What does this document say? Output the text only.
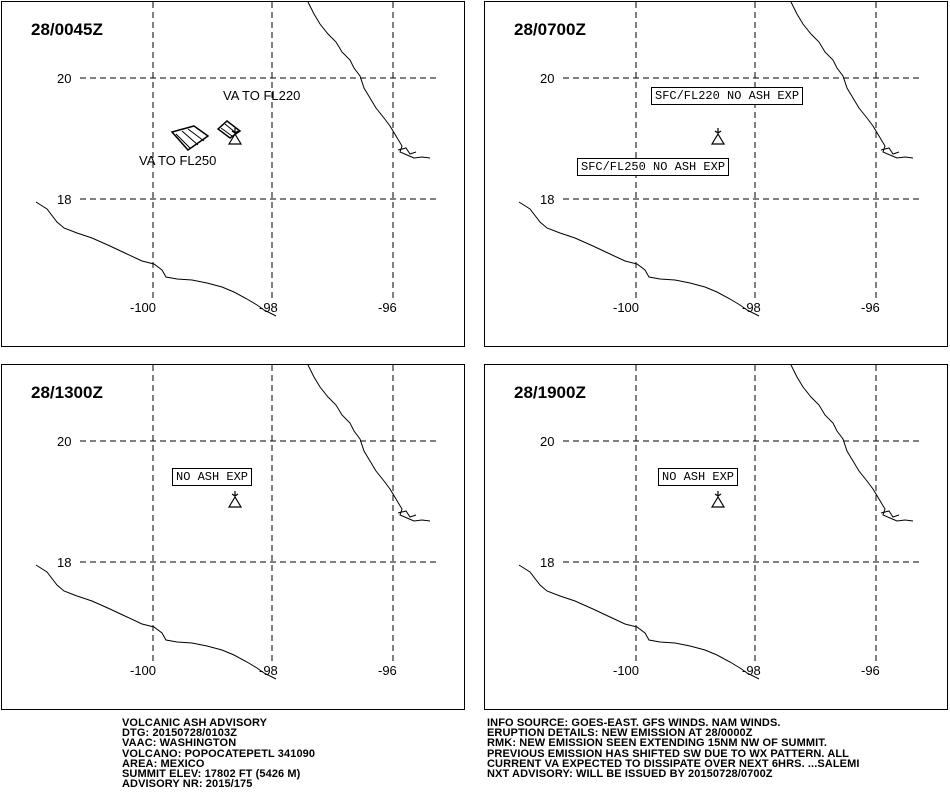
28/0045Z
20
18
-100	-98	-96
VA TO FL220
VA TO FL250
28/0700Z
20
18
-100	-98	-96
SFC/FL220 NO ASH EXP
SFC/FL250 NO ASH EXP
28/1300Z
20
18
-100	-98	-96
NO ASH EXP
28/1900Z
20
18
-100	-98	-96
NO ASH EXP
VOLCANIC ASH ADVISORY
DTG: 20150728/0103Z
VAAC: WASHINGTON
VOLCANO: POPOCATEPETL 341090
AREA: MEXICO
SUMMIT ELEV: 17802 FT (5426 M)
ADVISORY NR: 2015/175
INFO SOURCE: GOES-EAST. GFS WINDS. NAM WINDS.
ERUPTION DETAILS: NEW EMISSION AT 28/0000Z
RMK: NEW EMISSION SEEN EXTENDING 15NM NW OF SUMMIT.
PREVIOUS EMISSION HAS SHIFTED SW DUE TO WX PATTERN. ALL
CURRENT VA EXPECTED TO DISSIPATE OVER NEXT 6HRS. ...SALEMI
NXT ADVISORY: WILL BE ISSUED BY 20150728/0700Z
